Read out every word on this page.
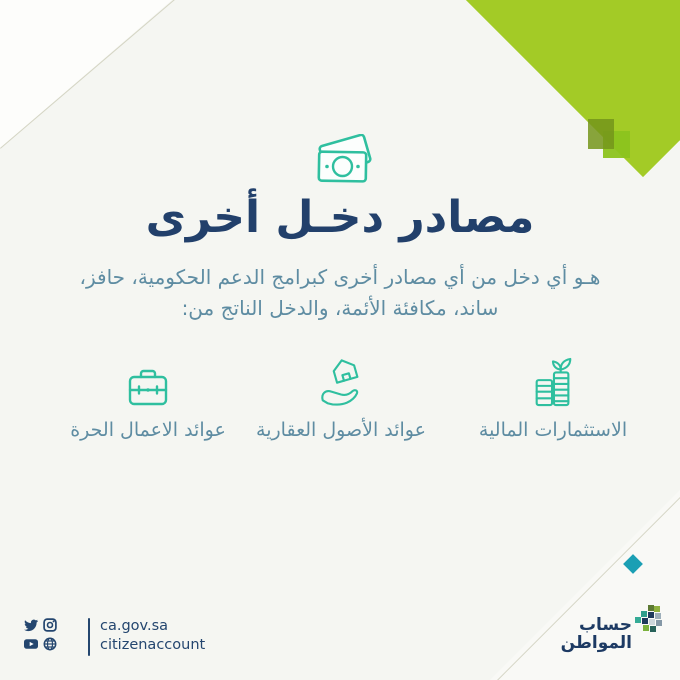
مصادر دخـل أخرى
هـو أي دخل من أي مصادر أخرى كبرامج الدعم الحكومية، حافز،
ساند، مكافئة الأئمة، والدخل الناتج من:
الاستثمارات المالية
عوائد الأصول العقارية
عوائد الاعمال الحرة
ca.gov.sa
citizenaccount
حساب
المواطن
